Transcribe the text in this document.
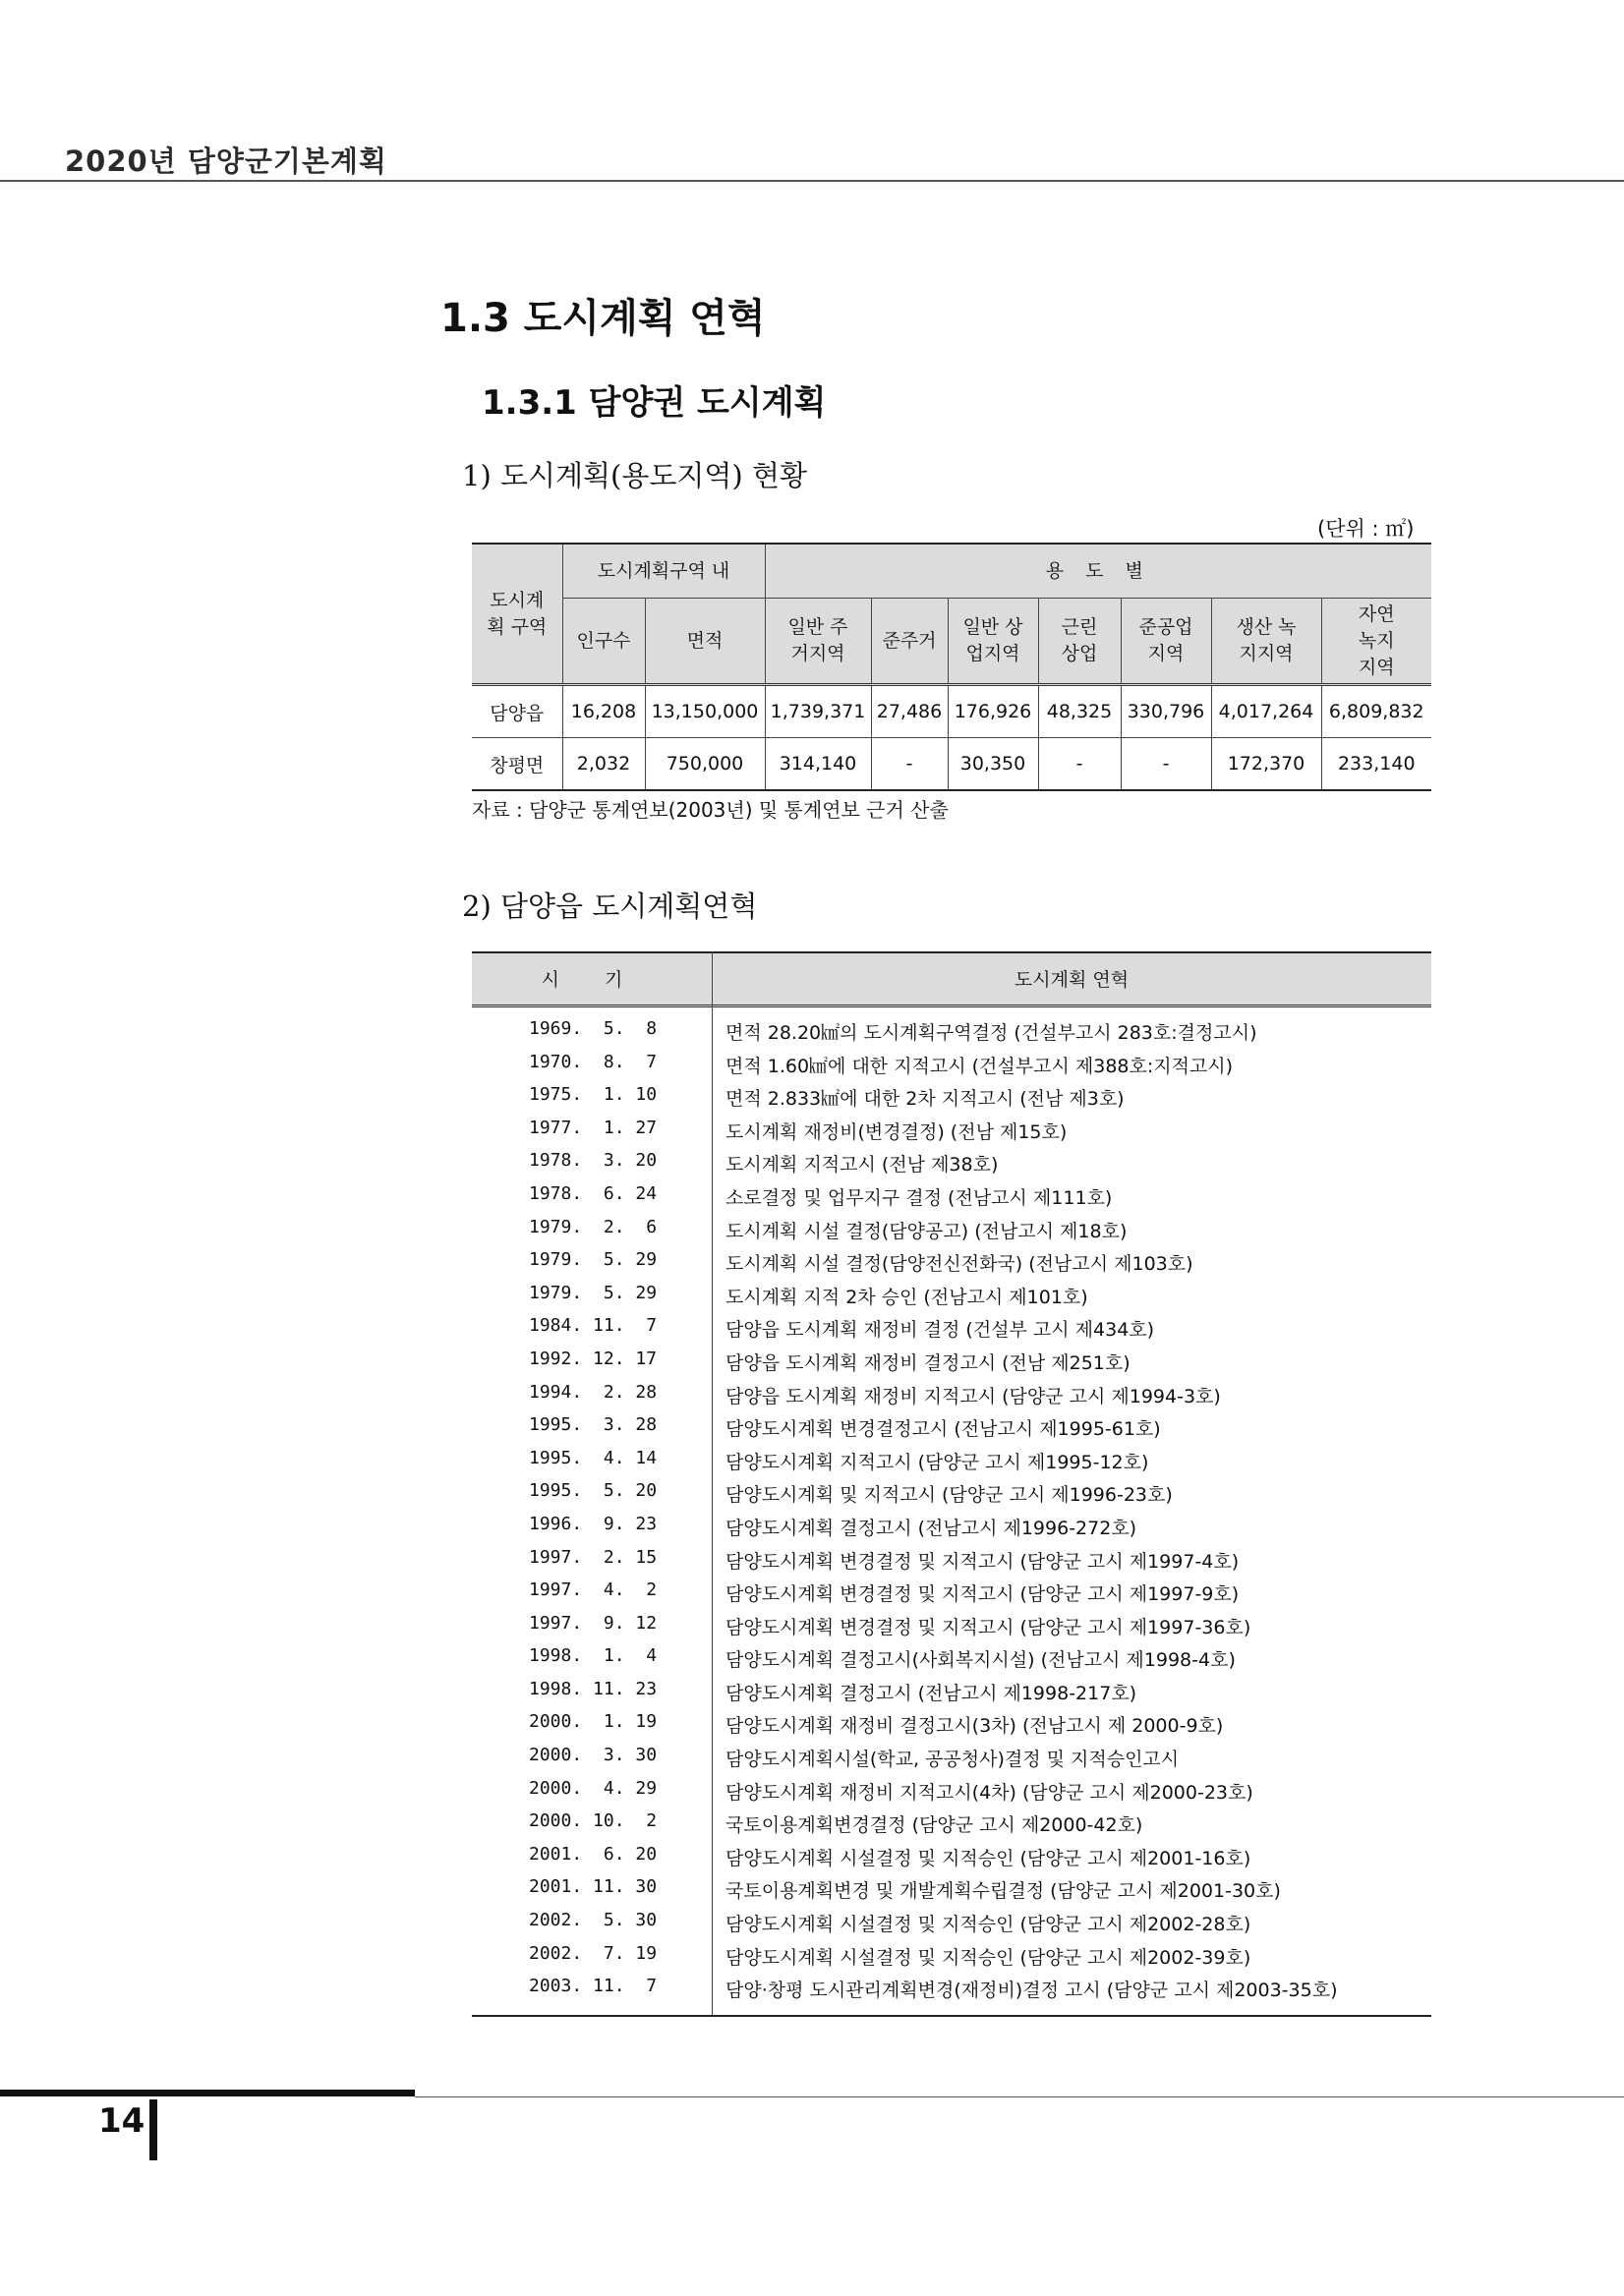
2020년 담양군기본계획
1.3 도시계획 연혁
1.3.1 담양권 도시계획
1) 도시계획(용도지역) 현황
(단위 : ㎡)
도시계획 구역	도시계획구역 내		용 도 별						
	인구수	면적	일반 주거지역	준주거	일반 상업지역	근린 상업	준공업 지역	생산 녹지지역	자연 녹지지역
담양읍	16,208	13,150,000	1,739,371	27,486	176,926	48,325	330,796	4,017,264	6,809,832
창평면	2,032	750,000	314,140	-	30,350	-	-	172,370	233,140
자료 : 담양군 통계연보(2003년) 및 통계연보 근거 산출
2) 담양읍 도시계획연혁
시 기	도시계획 연혁
1969.  5.  8	면적 28.20㎢의 도시계획구역결정 (건설부고시 283호:결정고시)
1970.  8.  7	면적 1.60㎢에 대한 지적고시 (건설부고시 제388호:지적고시)
1975.  1. 10	면적 2.833㎢에 대한 2차 지적고시 (전남 제3호)
1977.  1. 27	도시계획 재정비(변경결정) (전남 제15호)
1978.  3. 20	도시계획 지적고시 (전남 제38호)
1978.  6. 24	소로결정 및 업무지구 결정 (전남고시 제111호)
1979.  2.  6	도시계획 시설 결정(담양공고) (전남고시 제18호)
1979.  5. 29	도시계획 시설 결정(담양전신전화국) (전남고시 제103호)
1979.  5. 29	도시계획 지적 2차 승인 (전남고시 제101호)
1984. 11.  7	담양읍 도시계획 재정비 결정 (건설부 고시 제434호)
1992. 12. 17	담양읍 도시계획 재정비 결정고시 (전남 제251호)
1994.  2. 28	담양읍 도시계획 재정비 지적고시 (담양군 고시 제1994-3호)
1995.  3. 28	담양도시계획 변경결정고시 (전남고시 제1995-61호)
1995.  4. 14	담양도시계획 지적고시 (담양군 고시 제1995-12호)
1995.  5. 20	담양도시계획 및 지적고시 (담양군 고시 제1996-23호)
1996.  9. 23	담양도시계획 결정고시 (전남고시 제1996-272호)
1997.  2. 15	담양도시계획 변경결정 및 지적고시 (담양군 고시 제1997-4호)
1997.  4.  2	담양도시계획 변경결정 및 지적고시 (담양군 고시 제1997-9호)
1997.  9. 12	담양도시계획 변경결정 및 지적고시 (담양군 고시 제1997-36호)
1998.  1.  4	담양도시계획 결정고시(사회복지시설) (전남고시 제1998-4호)
1998. 11. 23	담양도시계획 결정고시 (전남고시 제1998-217호)
2000.  1. 19	담양도시계획 재정비 결정고시(3차) (전남고시 제 2000-9호)
2000.  3. 30	담양도시계획시설(학교, 공공청사)결정 및 지적승인고시
2000.  4. 29	담양도시계획 재정비 지적고시(4차) (담양군 고시 제2000-23호)
2000. 10.  2	국토이용계획변경결정 (담양군 고시 제2000-42호)
2001.  6. 20	담양도시계획 시설결정 및 지적승인 (담양군 고시 제2001-16호)
2001. 11. 30	국토이용계획변경 및 개발계획수립결정 (담양군 고시 제2001-30호)
2002.  5. 30	담양도시계획 시설결정 및 지적승인 (담양군 고시 제2002-28호)
2002.  7. 19	담양도시계획 시설결정 및 지적승인 (담양군 고시 제2002-39호)
2003. 11.  7	담양·창평 도시관리계획변경(재정비)결정 고시 (담양군 고시 제2003-35호)
14
